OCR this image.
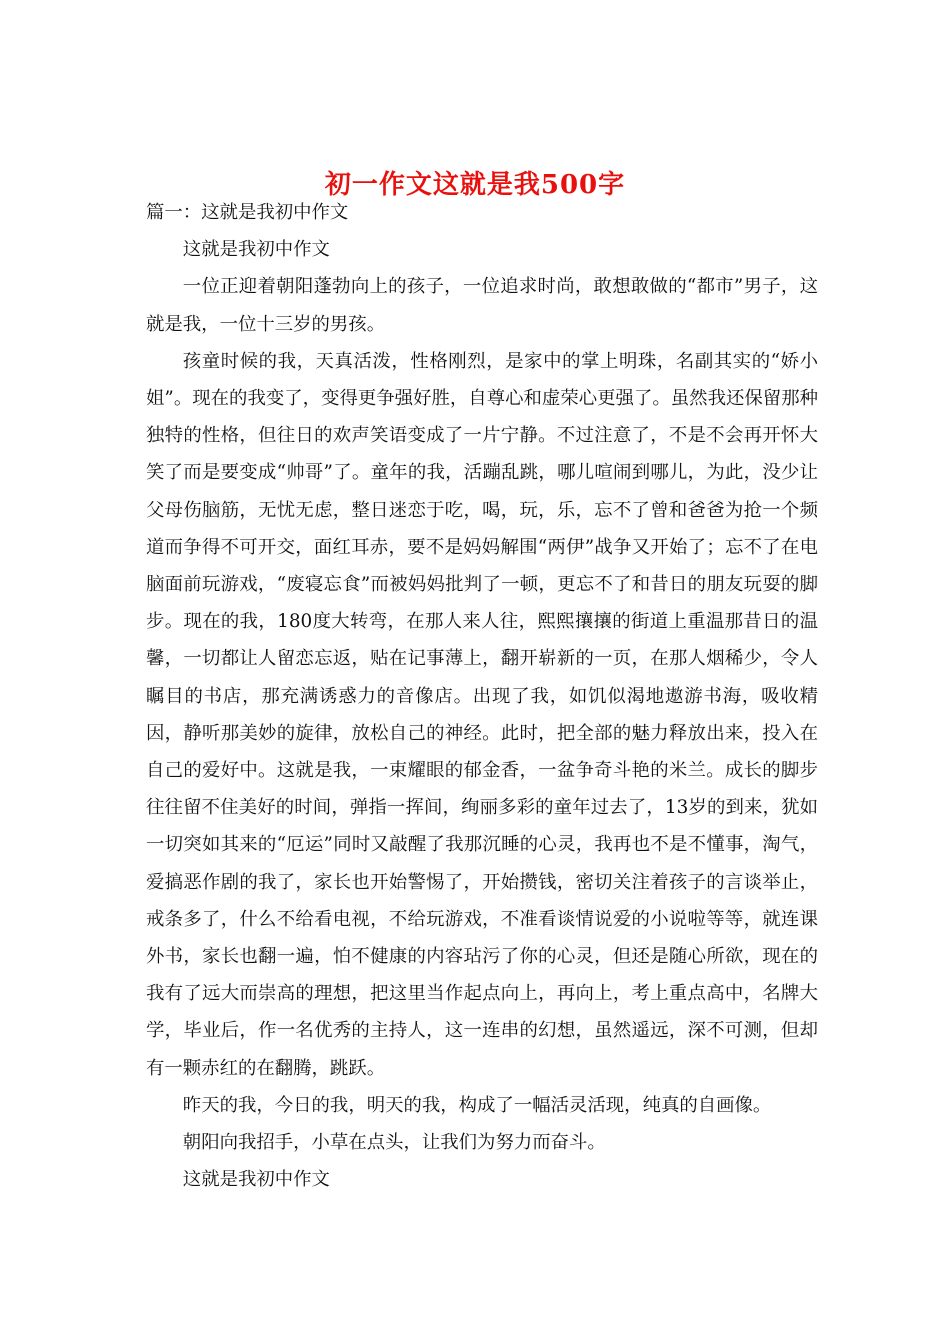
初一作文这就是我500字

篇一：这就是我初中作文

这就是我初中作文

一位正迎着朝阳蓬勃向上的孩子，一位追求时尚，敢想敢做的“都市”男子，这就是我，一位十三岁的男孩。

孩童时候的我，天真活泼，性格刚烈，是家中的掌上明珠，名副其实的“娇小姐”。现在的我变了，变得更争强好胜，自尊心和虚荣心更强了。虽然我还保留那种独特的性格，但往日的欢声笑语变成了一片宁静。不过注意了，不是不会再开怀大笑了而是要变成“帅哥”了。童年的我，活蹦乱跳，哪儿喧闹到哪儿，为此，没少让父母伤脑筋，无忧无虑，整日迷恋于吃，喝，玩，乐，忘不了曾和爸爸为抢一个频道而争得不可开交，面红耳赤，要不是妈妈解围“两伊”战争又开始了；忘不了在电脑面前玩游戏，“废寝忘食”而被妈妈批判了一顿，更忘不了和昔日的朋友玩耍的脚步。现在的我，180度大转弯，在那人来人往，熙熙攘攘的街道上重温那昔日的温馨，一切都让人留恋忘返，贴在记事薄上，翻开崭新的一页，在那人烟稀少，令人瞩目的书店，那充满诱惑力的音像店。出现了我，如饥似渴地遨游书海，吸收精因，静听那美妙的旋律，放松自己的神经。此时，把全部的魅力释放出来，投入在自己的爱好中。这就是我，一束耀眼的郁金香，一盆争奇斗艳的米兰。成长的脚步往往留不住美好的时间，弹指一挥间，绚丽多彩的童年过去了，13岁的到来，犹如一切突如其来的“厄运”同时又敲醒了我那沉睡的心灵，我再也不是不懂事，淘气，爱搞恶作剧的我了，家长也开始警惕了，开始攒钱，密切关注着孩子的言谈举止，戒条多了，什么不给看电视，不给玩游戏，不准看谈情说爱的小说啦等等，就连课外书，家长也翻一遍，怕不健康的内容玷污了你的心灵，但还是随心所欲，现在的我有了远大而崇高的理想，把这里当作起点向上，再向上，考上重点高中，名牌大学，毕业后，作一名优秀的主持人，这一连串的幻想，虽然遥远，深不可测，但却有一颗赤红的在翻腾，跳跃。

昨天的我，今日的我，明天的我，构成了一幅活灵活现，纯真的自画像。

朝阳向我招手，小草在点头，让我们为努力而奋斗。

这就是我初中作文
